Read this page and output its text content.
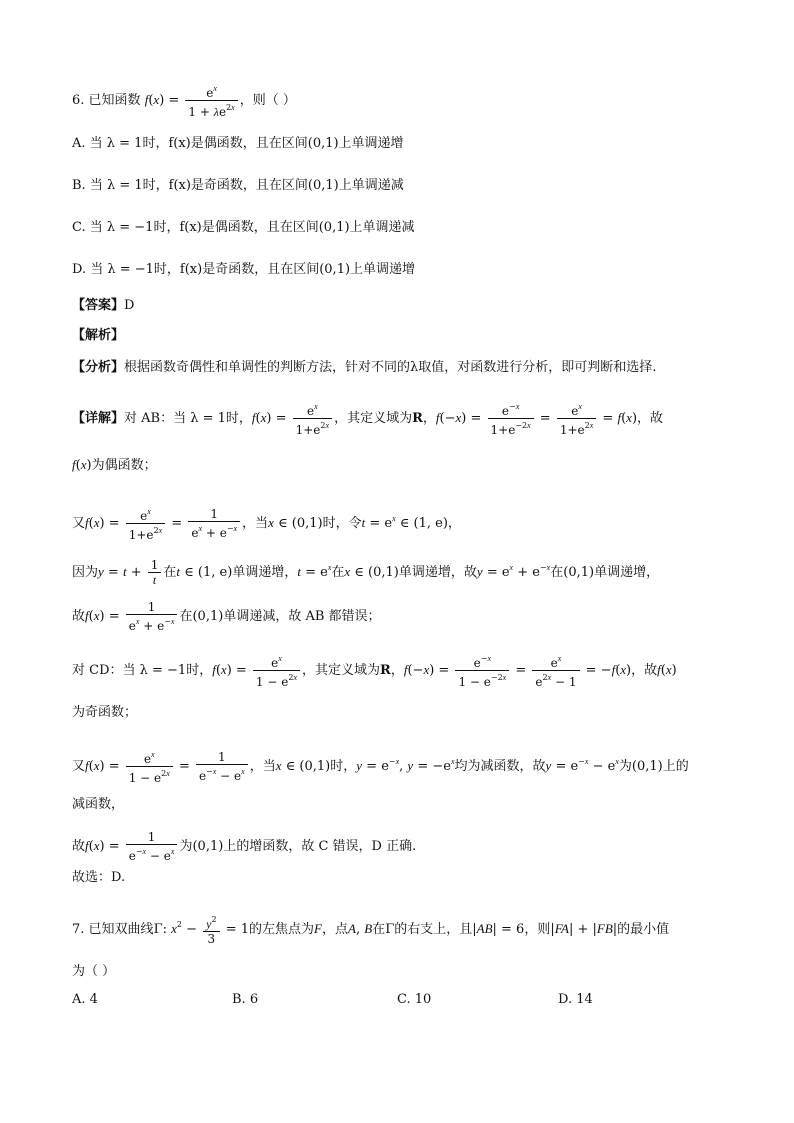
6. 已知函数 $f(x) = \frac{e^x}{1 + \lambda e^{2x}}$ ，则（ ）
A. 当 λ = 1时，f(x)是偶函数，且在区间(0,1)上单调递增
B. 当 λ = 1时，f(x)是奇函数，且在区间(0,1)上单调递减
C. 当 λ = −1时，f(x)是偶函数，且在区间(0,1)上单调递减
D. 当 λ = −1时，f(x)是奇函数，且在区间(0,1)上单调递增
【答案】D
【解析】
【分析】根据函数奇偶性和单调性的判断方法，针对不同的λ取值，对函数进行分析，即可判断和选择.
【详解】对 AB：当 λ = 1时，$f(x) = \frac{e^x}{1+e^{2x}}$ ，其定义域为R，$f(-x) = \frac{e^{-x}}{1+e^{-2x}} = \frac{e^x}{1+e^{2x}} = f(x)$，故
f(x)为偶函数；
又$f(x) = \frac{e^x}{1+e^{2x}} = \frac{1}{e^x + e^{-x}}$ ，当x ∈ (0,1)时，令$t = e^x$ ∈ (1, e)，
因为$y = t + \frac{1}{t}$ 在t ∈ (1, e)单调递增，$t = e^x$在x ∈ (0,1)单调递增，故$y = e^x + e^{-x}$在(0,1)单调递增，
故$f(x) = \frac{1}{e^x + e^{-x}}$ 在(0,1)单调递减，故 AB 都错误；
对 CD：当 λ = −1时，$f(x) = \frac{e^x}{1 - e^{2x}}$ ，其定义域为R，$f(-x) = \frac{e^{-x}}{1 - e^{-2x}} = \frac{e^x}{e^{2x} - 1} = -f(x)$，故f(x)
为奇函数；
又$f(x) = \frac{e^x}{1 - e^{2x}} = \frac{1}{e^{-x} - e^x}$ ，当x ∈ (0,1)时，$y = e^{-x}$, $y = -e^x$均为减函数，故$y = e^{-x} - e^x$为(0,1)上的
减函数，
故$f(x) = \frac{1}{e^{-x} - e^x}$ 为(0,1)上的增函数，故 C 错误，D 正确.
故选：D.
7. 已知双曲线Γ: $x^2 - \frac{y^2}{3} = 1$的左焦点为F，点A, B在Γ的右支上，且|AB| = 6，则|FA| + |FB|的最小值
为（ ）
A. 4	B. 6	C. 10	D. 14
